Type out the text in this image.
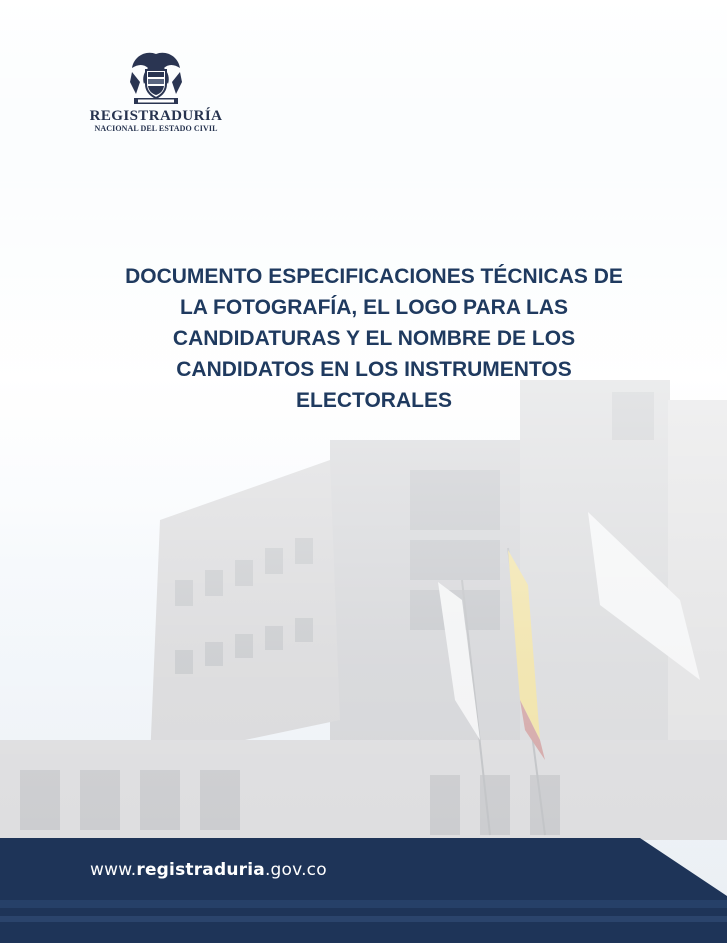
REGISTRADURÍA
NACIONAL DEL ESTADO CIVIL
DOCUMENTO ESPECIFICACIONES TÉCNICAS DE
LA FOTOGRAFÍA, EL LOGO PARA LAS
CANDIDATURAS Y EL NOMBRE DE LOS
CANDIDATOS EN LOS INSTRUMENTOS
ELECTORALES
www.registraduria.gov.co
